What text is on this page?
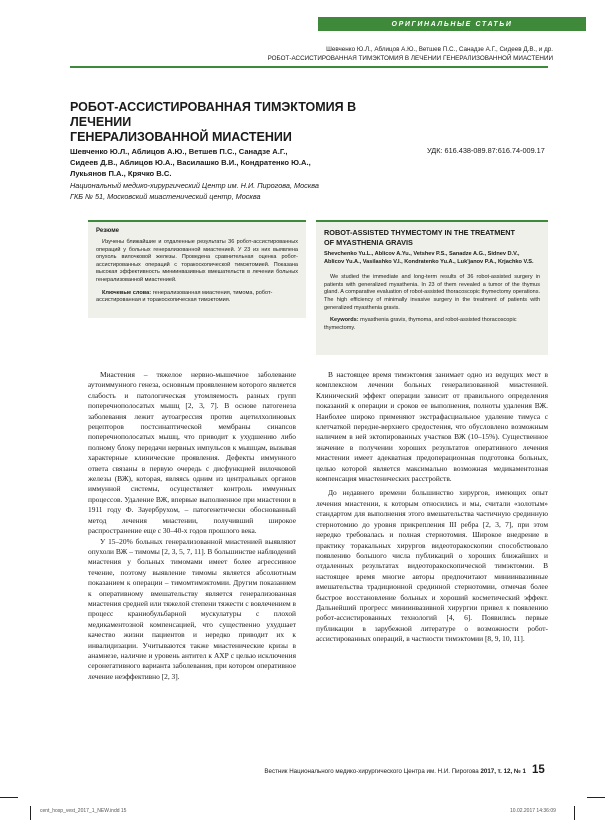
ОРИГИНАЛЬНЫЕ СТАТЬИ
Шевченко Ю.Л., Аблицов А.Ю., Ветшев П.С., Санадзе А.Г., Сидеев Д.В., и др.
РОБОТ-АССИСТИРОВАННАЯ ТИМЭКТОМИЯ В ЛЕЧЕНИИ ГЕНЕРАЛИЗОВАННОЙ МИАСТЕНИИ
РОБОТ-АССИСТИРОВАННАЯ ТИМЭКТОМИЯ В ЛЕЧЕНИИ
ГЕНЕРАЛИЗОВАННОЙ МИАСТЕНИИ
Шевченко Ю.Л., Аблицов А.Ю., Ветшев П.С., Санадзе А.Г.,
Сидеев Д.В., Аблицов Ю.А., Василашко В.И., Кондратенко Ю.А.,
Лукьянов П.А., Крячко В.С.
УДК: 616.438-089.87:616.74-009.17
Национальный медико-хирургический Центр им. Н.И. Пирогова, Москва
ГКБ № 51, Московский миастенический центр, Москва
Резюме
Изучены ближайшие и отдаленные результаты 36 робот-ассистированных операций у больных генерализованной миастенией. У 23 из них выявлена опухоль вилочковой железы. Проведена сравнительная оценка робот-ассистированных операций с торакоскопической тимэктомией. Показана высокая эффективность миниинвазивных вмешательств в лечении больных генерализованной миастенией.
Ключевые слова: генерализованная миастения, тимома, робот-ассистированная и торакоскопическая тимэктомия.
ROBOT-ASSISTED THYMECTOMY IN THE TREATMENT
OF MYASTHENIA GRAVIS
Shevchenko Yu.L., Ablicov A.Yu., Vetshev P.S., Sanadze A.G., Sidnev D.V.,
Ablicov Yu.A., Vasilashko V.I., Kondratenko Yu.A., Luk'janov P.A., Krjachko V.S.
We studied the immediate and long-term results of 36 robot-assisted surgery in patients with generalized myasthenia. In 23 of them revealed a tumor of the thymus gland. A comparative evaluation of robot-assisted thoracoscopic thymectomy operations. The high efficiency of minimally invasive surgery in the treatment of patients with generalized myasthenia gravis.
Keywords: myasthenia gravis, thymoma, and robot-assisted thoracoscopic thymectomy.

Миастения – тяжелое нервно-мышечное заболевание аутоиммунного генеза, основным проявлением которого является слабость и патологическая утомляемость разных групп поперечнополосатых мышц [2, 3, 7]. В основе патогенеза заболевания лежит аутоагрессия против ацетилхолиновых рецепторов постсинаптической мембраны синапсов поперечнополосатых мышц, что приводит к ухудшению либо полному блоку передачи нервных импульсов к мышцам, вызывая характерные клинические проявления. Дефекты иммунного ответа связаны в первую очередь с дисфункцией вилочковой железы (ВЖ), которая, являясь одним из центральных органов иммунной системы, осуществляет контроль иммунных процессов. Удаление ВЖ, впервые выполненное при миастении в 1911 году Ф. Зауербрухом, – патогенетически обоснованный метод лечения миастении, получивший широкое распространение еще с 30–40-х годов прошлого века.

У 15–20% больных генерализованной миастенией выявляют опухоли ВЖ – тимомы [2, 3, 5, 7, 11]. В большинстве наблюдений миастения у больных тимомами имеет более агрессивное течение, поэтому выявление тимомы является абсолютным показанием к операции – тимомтимэктомии. Другим показанием к оперативному вмешательству является генерализованная миастения средней или тяжелой степени тяжести с вовлечением в процесс краниобульбарной мускулатуры с плохой медикаментозной компенсацией, что существенно ухудшает качество жизни пациентов и нередко приводит их к инвалидизации. Учитываются также миастенические кризы в анамнезе, наличие и уровень антител к АХР с целью исключения серонегативного варианта заболевания, при котором оперативное лечение неэффективно [2, 3].

В настоящее время тимэктомия занимает одно из ведущих мест в комплексном лечении больных генерализованной миастенией. Клинический эффект операции зависит от правильного определения показаний к операции и сроков ее выполнения, полноты удаления ВЖ. Наиболее широко применяют экстрафасциальное удаление тимуса с клетчаткой передне-верхнего средостения, что обусловлено возможным наличием в ней эктопированных участков ВЖ (10–15%). Существенное значение в получении хороших результатов оперативного лечения миастении имеет адекватная предоперационная подготовка больных, целью которой является максимально возможная медикаментозная компенсация миастенических расстройств.

До недавнего времени большинство хирургов, имеющих опыт лечения миастении, к которым относились и мы, считали «золотым» стандартом для выполнения этого вмешательства частичную срединную стернотомию до уровня прикрепления III ребра [2, 3, 7], при этом нередко требовалась и полная стернотомия. Широкое внедрение в практику торакальных хирургов видеоторакоскопии способствовало появлению большого числа публикаций о хороших ближайших и отдаленных результатах видеоторакоскопической тимэктомии. В настоящее время многие авторы предпочитают миниинвазивные вмешательства традиционной срединной стернотомии, отмечая более быстрое восстановление больных и хороший косметический эффект. Дальнейший прогресс миниинвазивной хирургии привел к появлению робот-ассистированных технологий [4, 6]. Появились первые публикации в зарубежной литературе о возможности робот-ассистированных операций, в частности тимэктомии [8, 9, 10, 11].

Вестник Национального медико-хирургического Центра им. Н.И. Пирогова 2017, т. 12, № 1 15
cent_hosp_vest_2017_1_NEW.indd 15	10.02.2017 14:36:09
